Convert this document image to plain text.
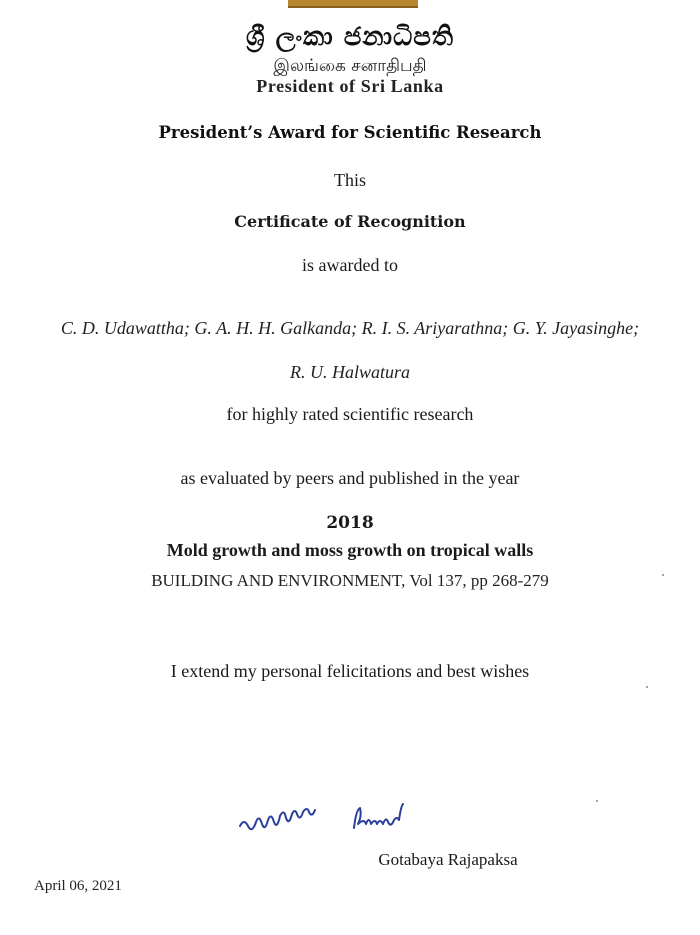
ශ්‍රී ලංකා ජනාධිපති
இலங்கை சனாதிபதி
President of Sri Lanka
President’s Award for Scientific Research
This
Certificate of Recognition
is awarded to
C. D. Udawattha; G. A. H. H. Galkanda; R. I. S. Ariyarathna; G. Y. Jayasinghe;
R. U. Halwatura
for highly rated scientific research
as evaluated by peers and published in the year
2018
Mold growth and moss growth on tropical walls
BUILDING AND ENVIRONMENT, Vol 137, pp 268-279
I extend my personal felicitations and best wishes
Gotabaya Rajapaksa
April 06, 2021
